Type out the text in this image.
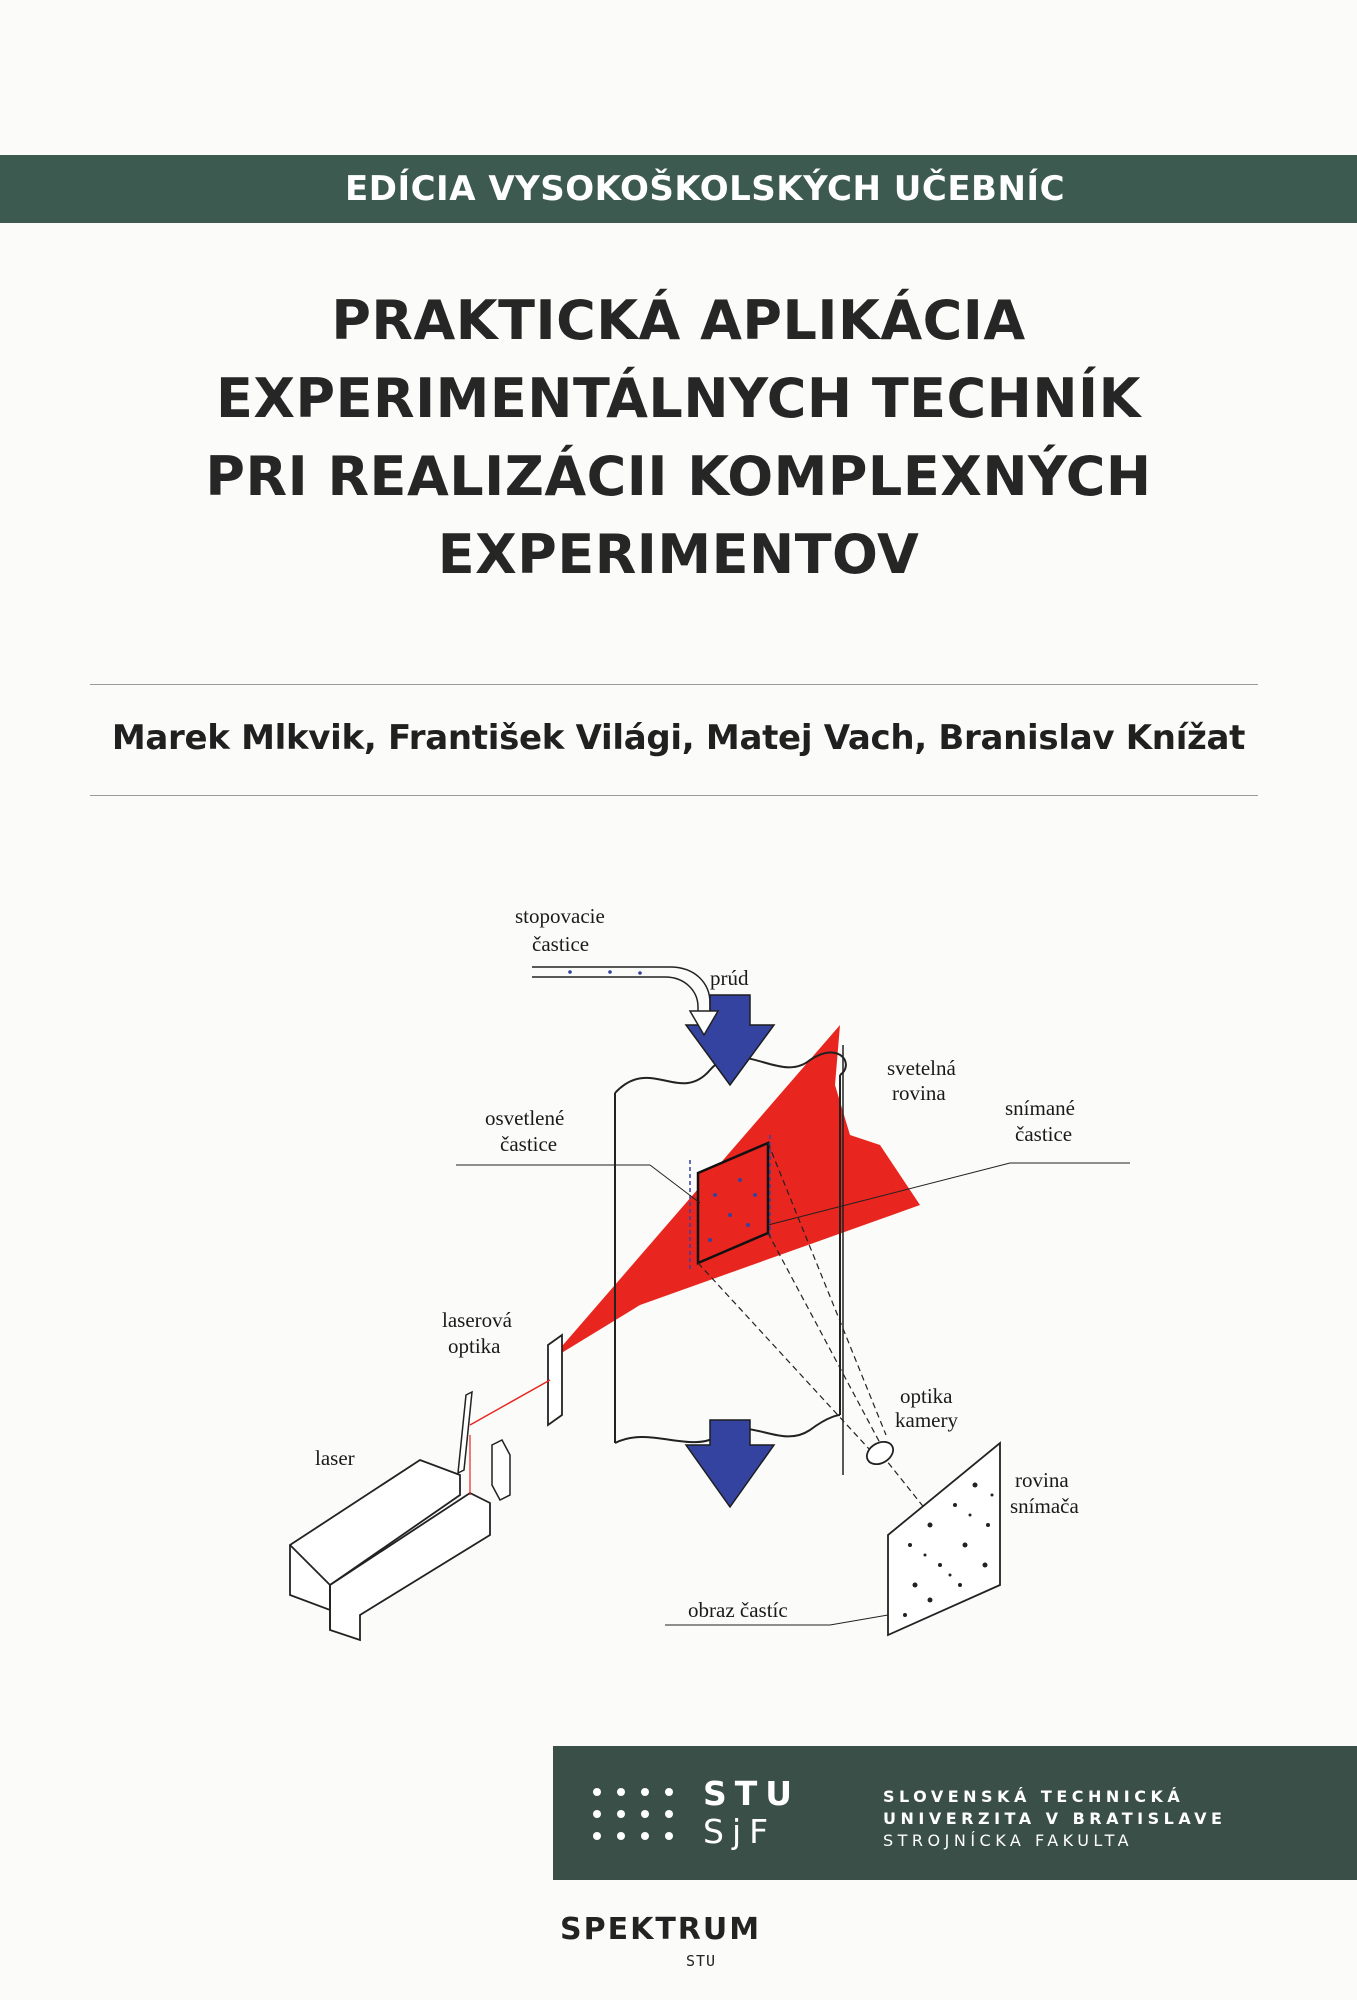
EDÍCIA VYSOKOŠKOLSKÝCH UČEBNÍC
PRAKTICKÁ APLIKÁCIA
EXPERIMENTÁLNYCH TECHNÍK
PRI REALIZÁCII KOMPLEXNÝCH
EXPERIMENTOV
Marek Mlkvik, František Világi, Matej Vach, Branislav Knížat
stopovacie
častice
prúd
svetelná
rovina
osvetlené
častice
snímané
častice
laserová
optika
laser
optika
kamery
rovina
snímača
obraz častíc
STU
SjF
SLOVENSKÁ TECHNICKÁ
UNIVERZITA V BRATISLAVE
STROJNÍCKA FAKULTA
SPEKTRUM
STU
